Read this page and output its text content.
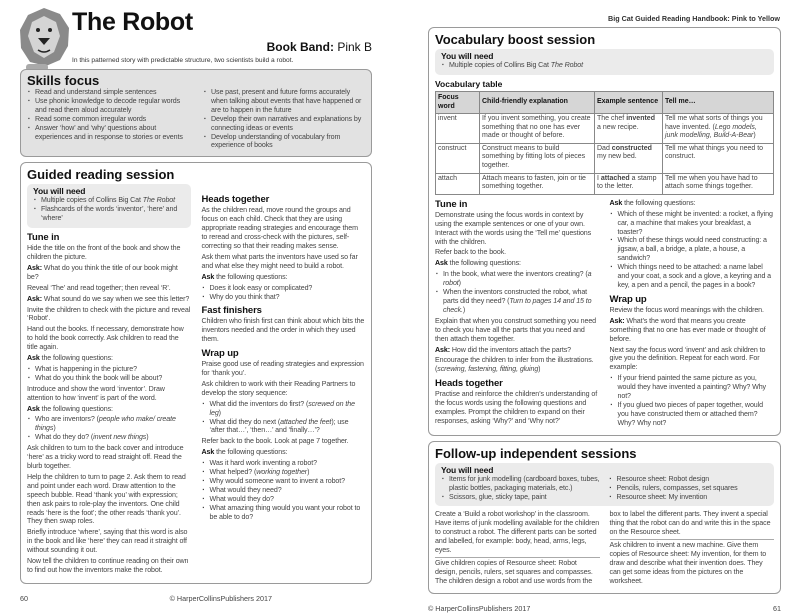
The Robot
Book Band: Pink B
In this patterned story with predictable structure, two scientists build a robot.
Skills focus
▪ Read and understand simple sentences
▪ Use phonic knowledge to decode regular words and read them aloud accurately
▪ Read some common irregular words
▪ Answer ‘how’ and ‘why’ questions about experiences and in response to stories or events
▪ Use past, present and future forms accurately when talking about events that have happened or are to happen in the future
▪ Develop their own narratives and explanations by connecting ideas or events
▪ Develop understanding of vocabulary from experience of books
Guided reading session
You will need
▪ Multiple copies of Collins Big Cat The Robot
▪ Flashcards of the words ‘inventor’, ‘here’ and ‘where’
Tune in

Hide the title on the front of the book and show the children the picture.

Ask: What do you think the title of our book might be?

Reveal ‘The’ and read together; then reveal ‘R’.

Ask: What sound do we say when we see this letter?

Invite the children to check with the picture and reveal ‘Robot’.

Hand out the books. If necessary, demonstrate how to hold the book correctly. Ask children to read the title again.

Ask the following questions:

▪ What is happening in the picture?
▪ What do you think the book will be about?

Introduce and show the word ‘inventor’. Draw attention to how ‘invent’ is part of the word.

Ask the following questions:

▪ Who are inventors? (people who make/ create things)
▪ What do they do? (invent new things)

Ask children to turn to the back cover and introduce ‘here’ as a tricky word to read straight off. Read the blurb together.

Help the children to turn to page 2. Ask them to read and point under each word. Draw attention to the speech bubble. Read ‘thank you’ with expression; then ask pairs to role-play the inventors. One child reads ‘here is the foot’; the other reads ‘thank you’. They then swap roles.

Briefly introduce ‘where’, saying that this word is also in the book and like ‘here’ they can read it straight off without sounding it out.

Now tell the children to continue reading on their own to find out how the inventors make the robot.

Heads together

As the children read, move round the groups and focus on each child. Check that they are using appropriate reading strategies and encourage them to reread and cross-check with the pictures, self-correcting so that their reading makes sense.

Ask them what parts the inventors have used so far and what else they might need to build a robot.

Ask the following questions:

▪ Does it look easy or complicated?
▪ Why do you think that?
Fast finishers

Children who finish first can think about which bits the inventors needed and the order in which they used them.

Wrap up

Praise good use of reading strategies and expression for ‘thank you’.

Ask children to work with their Reading Partners to develop the story sequence:

▪ What did the inventors do first? (screwed on the leg)
▪ What did they do next (attached the feet); use ‘after that…’, ‘then…’ and ‘finally…’?

Refer back to the book. Look at page 7 together.

Ask the following questions:

▪ Was it hard work inventing a robot?
▪ What helped? (working together)
▪ Why would someone want to invent a robot?
▪ What would they need?
▪ What would they do?
▪ What amazing thing would you want your robot to be able to do?
60	© HarperCollinsPublishers 2017
Big Cat Guided Reading Handbook: Pink to Yellow
Vocabulary boost session
You will need
▪ Multiple copies of Collins Big Cat The Robot
Vocabulary table
Focus word	Child-friendly explanation	Example sentence	Tell me…
invent	If you invent something, you create something that no one has ever made or thought of before.	The chef invented a new recipe.	Tell me what sorts of things you have invented. (Lego models, junk modelling, Build-A-Bear)
construct	Construct means to build something by fitting lots of pieces together.	Dad constructed my new bed.	Tell me what things you need to construct.
attach	Attach means to fasten, join or tie something together.	I attached a stamp to the letter.	Tell me when you have had to attach some things together.
Tune in

Demonstrate using the focus words in context by using the example sentences or one of your own. Interact with the words using the ‘Tell me’ questions with the children.

Refer back to the book.

Ask the following questions:

▪ In the book, what were the inventors creating? (a robot)
▪ When the inventors constructed the robot, what parts did they need? (Turn to pages 14 and 15 to check.)

Explain that when you construct something you need to check you have all the parts that you need and then attach them together.

Ask: How did the inventors attach the parts?

Encourage the children to infer from the illustrations. (screwing, fastening, fitting, gluing)

Heads together

Practise and reinforce the children’s understanding of the focus words using the following questions and examples. Prompt the children to expand on their responses, asking ‘Why?’ and ‘Why not?’

Ask the following questions:

▪ Which of these might be invented: a rocket, a flying car, a machine that makes your breakfast, a toaster?
▪ Which of these things would need constructing: a jigsaw, a ball, a bridge, a plate, a house, a sandwich?
▪ Which things need to be attached: a name label and your coat, a sock and a glove, a keyring and a key, a pen and a pencil, the pages in a book?
Wrap up

Review the focus word meanings with the children.

Ask: What’s the word that means you create something that no one has ever made or thought of before.

Next say the focus word ‘invent’ and ask children to give you the definition. Repeat for each word. For example:

▪ If your friend painted the same picture as you, would they have invented a painting? Why? Why not?
▪ If you glued two pieces of paper together, would you have constructed them or attached them? Why? Why not?
Follow-up independent sessions
You will need
▪ Items for junk modelling (cardboard boxes, tubes, plastic bottles, packaging materials, etc.)
▪ Scissors, glue, sticky tape, paint
▪ Resource sheet: Robot design
▪ Pencils, rulers, compasses, set squares
▪ Resource sheet: My invention

Create a ‘Build a robot workshop’ in the classroom. Have items of junk modelling available for the children to construct a robot. The different parts can be sorted and labelled, for example: body, head, arms, legs, eyes.

Give children copies of Resource sheet: Robot design, pencils, rulers, set squares and compasses. The children design a robot and use words from the

box to label the different parts. They invent a special thing that the robot can do and write this in the space on the Resource sheet.

Ask children to invent a new machine. Give them copies of Resource sheet: My invention, for them to draw and describe what their invention does. They can get some ideas from the pictures on the worksheet.

© HarperCollinsPublishers 2017	61
